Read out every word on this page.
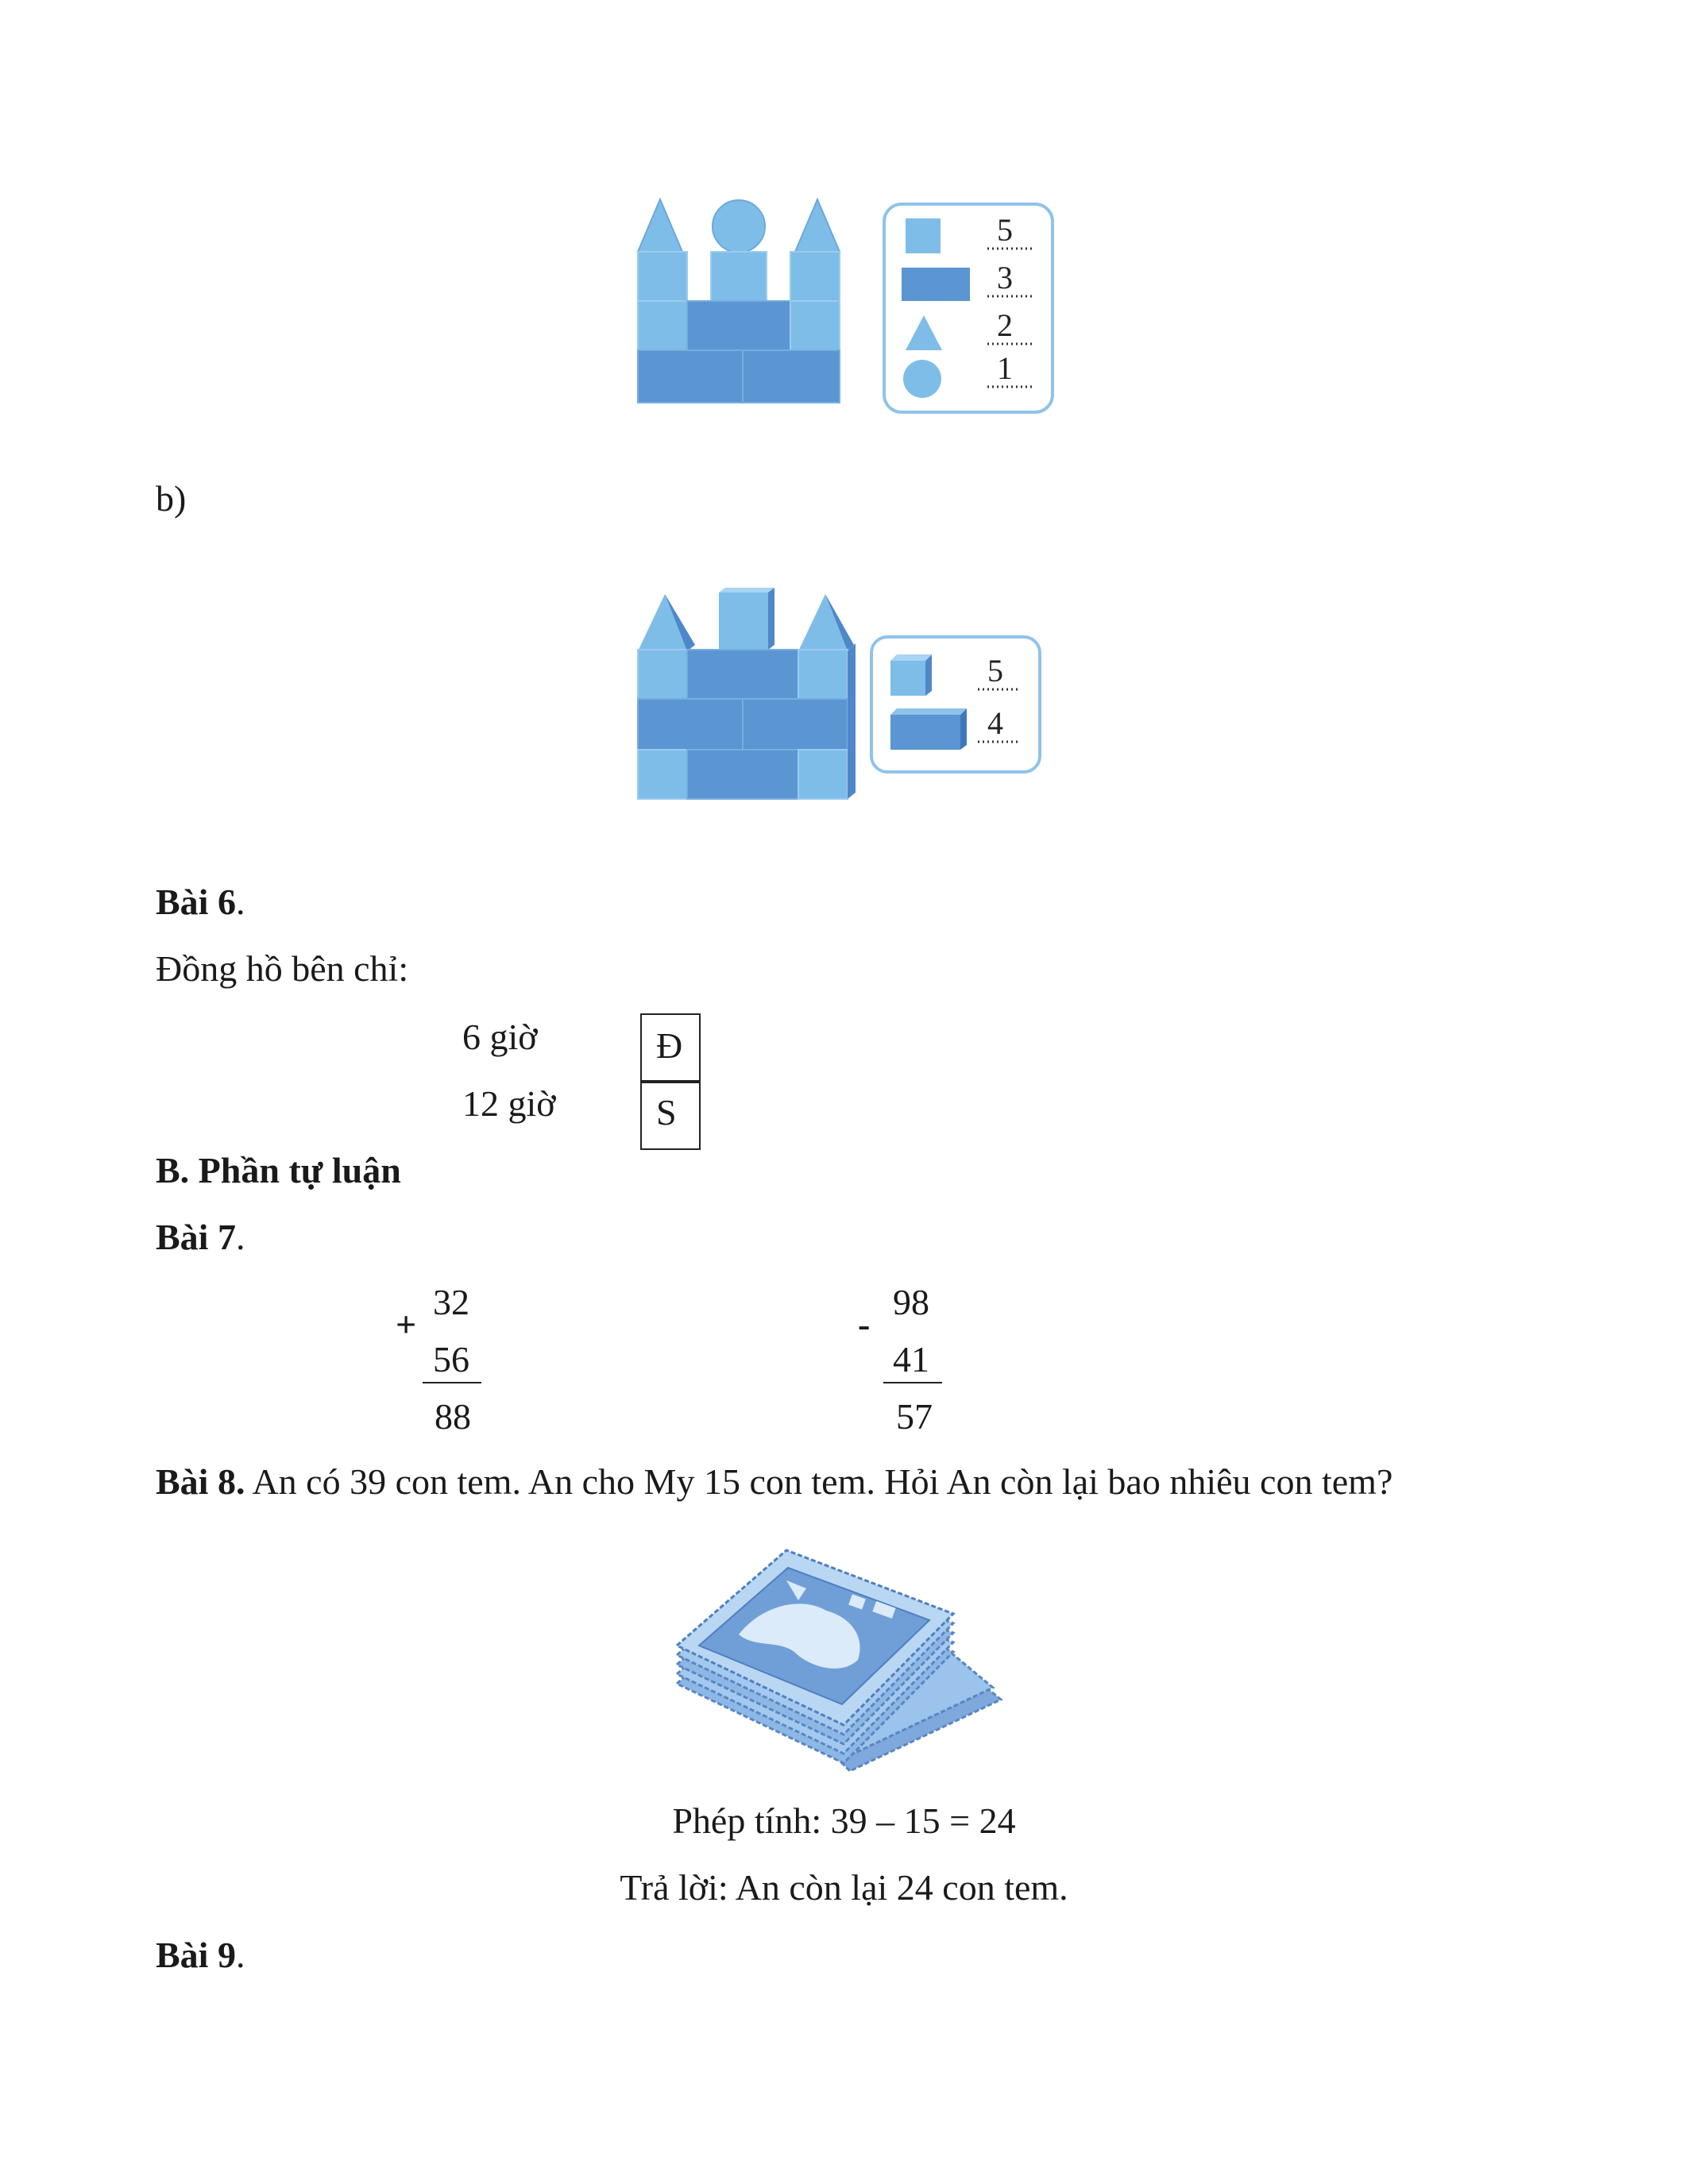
5
3
2
1
b)
5
4
Bài 6.
Đồng hồ bên chỉ:
6 giờ	Đ
12 giờ	S
B. Phần tự luận
Bài 7.
+
32
56
88
-
98
41
57
Bài 8. An có 39 con tem. An cho My 15 con tem. Hỏi An còn lại bao nhiêu con tem?
Phép tính: 39 – 15 = 24
Trả lời: An còn lại 24 con tem.
Bài 9.
